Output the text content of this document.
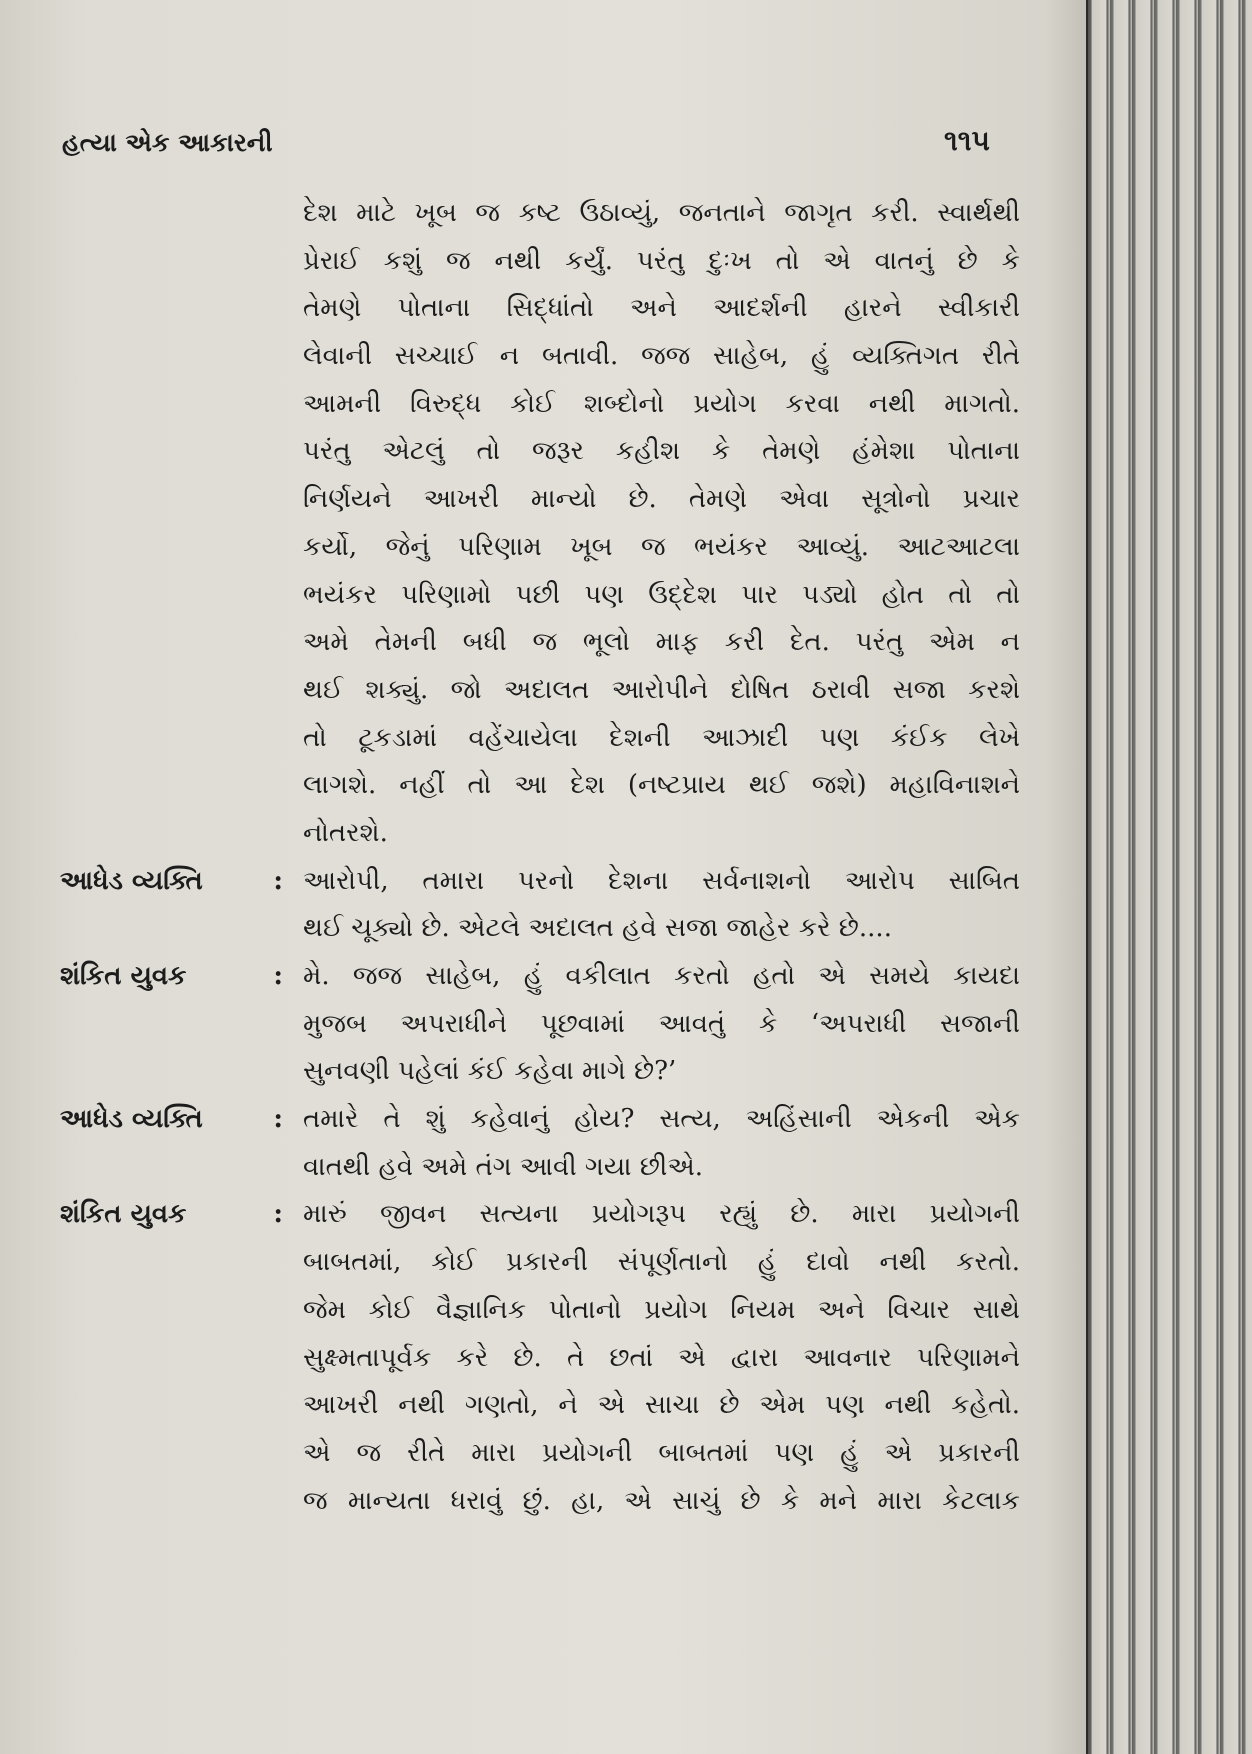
હત્યા એક આકારની	૧૧૫
દેશ માટે ખૂબ જ કષ્ટ ઉઠાવ્યું, જનતાને જાગૃત કરી. સ્વાર્થથી
પ્રેરાઈ કશું જ નથી કર્યું. પરંતુ દુઃખ તો એ વાતનું છે કે
તેમણે પોતાના સિદ્ધાંતો અને આદર્શની હારને સ્વીકારી
લેવાની સચ્ચાઈ ન બતાવી. જજ સાહેબ, હું વ્યક્તિગત રીતે
આમની વિરુદ્ધ કોઈ શબ્દોનો પ્રયોગ કરવા નથી માગતો.
પરંતુ એટલું તો જરૂર કહીશ કે તેમણે હંમેશા પોતાના
નિર્ણયને આખરી માન્યો છે. તેમણે એવા સૂત્રોનો પ્રચાર
કર્યો, જેનું પરિણામ ખૂબ જ ભયંકર આવ્યું. આટઆટલા
ભયંકર પરિણામો પછી પણ ઉદ્દેશ પાર પડ્યો હોત તો તો
અમે તેમની બધી જ ભૂલો માફ કરી દેત. પરંતુ એમ ન
થઈ શક્યું. જો અદાલત આરોપીને દોષિત ઠરાવી સજા કરશે
તો ટૂકડામાં વહેંચાયેલા દેશની આઝાદી પણ કંઈક લેખે
લાગશે. નહીં તો આ દેશ (નષ્ટપ્રાય થઈ જશે) મહાવિનાશને
નોતરશે.
આધેડ વ્યક્તિ	: આરોપી, તમારા પરનો દેશના સર્વનાશનો આરોપ સાબિત
થઈ ચૂક્યો છે. એટલે અદાલત હવે સજા જાહેર કરે છે....
શંકિત યુવક	: મે. જજ સાહેબ, હું વકીલાત કરતો હતો એ સમયે કાયદા
મુજબ અપરાધીને પૂછવામાં આવતું કે ‘અપરાધી સજાની
સુનવણી પહેલાં કંઈ કહેવા માગે છે?’
આધેડ વ્યક્તિ	: તમારે તે શું કહેવાનું હોય? સત્ય, અહિંસાની એકની એક
વાતથી હવે અમે તંગ આવી ગયા છીએ.
શંકિત યુવક	: મારું જીવન સત્યના પ્રયોગરૂપ રહ્યું છે. મારા પ્રયોગની
બાબતમાં, કોઈ પ્રકારની સંપૂર્ણતાનો હું દાવો નથી કરતો.
જેમ કોઈ વૈજ્ઞાનિક પોતાનો પ્રયોગ નિયમ અને વિચાર સાથે
સુક્ષ્મતાપૂર્વક કરે છે. તે છતાં એ દ્વારા આવનાર પરિણામને
આખરી નથી ગણતો, ને એ સાચા છે એમ પણ નથી કહેતો.
એ જ રીતે મારા પ્રયોગની બાબતમાં પણ હું એ પ્રકારની
જ માન્યતા ધરાવું છું. હા, એ સાચું છે કે મને મારા કેટલાક
